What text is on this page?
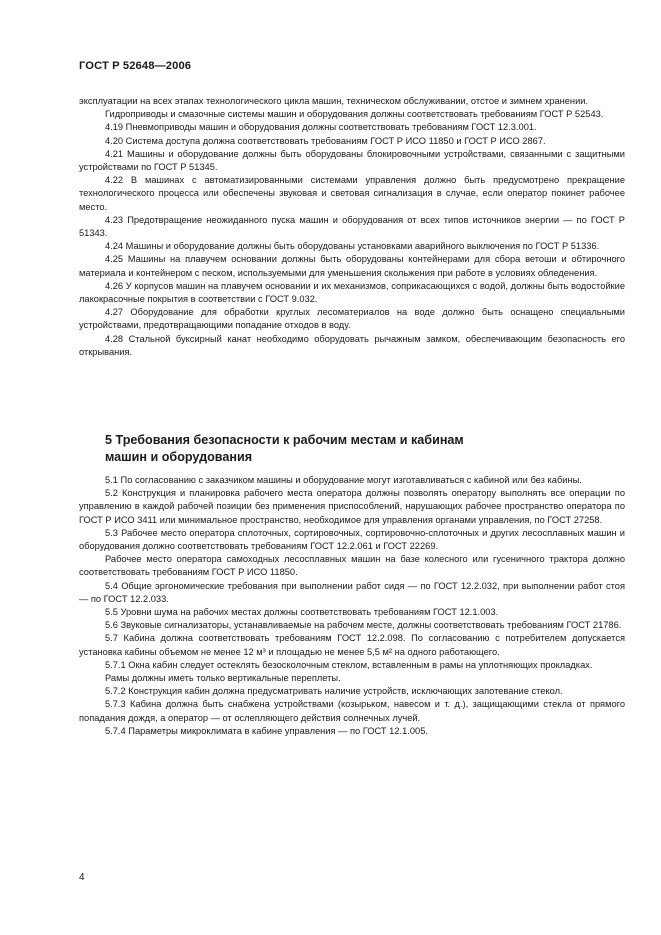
ГОСТ Р 52648—2006

эксплуатации на всех этапах технологического цикла машин, техническом обслуживании, отстое и зимнем хранении.

Гидроприводы и смазочные системы машин и оборудования должны соответствовать требованиям ГОСТ Р 52543.

4.19 Пневмоприводы машин и оборудования должны соответствовать требованиям ГОСТ 12.3.001.

4.20 Система доступа должна соответствовать требованиям ГОСТ Р ИСО 11850 и ГОСТ Р ИСО 2867.

4.21 Машины и оборудование должны быть оборудованы блокировочными устройствами, связанными с защитными устройствами по ГОСТ Р 51345.

4.22 В машинах с автоматизированными системами управления должно быть предусмотрено прекращение технологического процесса или обеспечены звуковая и световая сигнализация в случае, если оператор покинет рабочее место.

4.23 Предотвращение неожиданного пуска машин и оборудования от всех типов источников энергии — по ГОСТ Р 51343.

4.24 Машины и оборудование должны быть оборудованы установками аварийного выключения по ГОСТ Р 51336.

4.25 Машины на плавучем основании должны быть оборудованы контейнерами для сбора ветоши и обтирочного материала и контейнером с песком, используемыми для уменьшения скольжения при работе в условиях обледенения.

4.26 У корпусов машин на плавучем основании и их механизмов, соприкасающихся с водой, должны быть водостойкие лакокрасочные покрытия в соответствии с ГОСТ 9.032.

4.27 Оборудование для обработки круглых лесоматериалов на воде должно быть оснащено специальными устройствами, предотвращающими попадание отходов в воду.

4.28 Стальной буксирный канат необходимо оборудовать рычажным замком, обеспечивающим безопасность его открывания.

5 Требования безопасности к рабочим местам и кабинам
машин и оборудования

5.1 По согласованию с заказчиком машины и оборудование могут изготавливаться с кабиной или без кабины.

5.2 Конструкция и планировка рабочего места оператора должны позволять оператору выполнять все операции по управлению в каждой рабочей позиции без применения приспособлений, нарушающих рабочее пространство оператора по ГОСТ Р ИСО 3411 или минимальное пространство, необходимое для управления органами управления, по ГОСТ 27258.

5.3 Рабочее место оператора сплоточных, сортировочных, сортировочно-сплоточных и других лесосплавных машин и оборудования должно соответствовать требованиям ГОСТ 12.2.061 и ГОСТ 22269.

Рабочее место оператора самоходных лесосплавных машин на базе колесного или гусеничного трактора должно соответствовать требованиям ГОСТ Р ИСО 11850.

5.4 Общие эргономические требования при выполнении работ сидя — по ГОСТ 12.2.032, при выполнении работ стоя — по ГОСТ 12.2.033.

5.5 Уровни шума на рабочих местах должны соответствовать требованиям ГОСТ 12.1.003.

5.6 Звуковые сигнализаторы, устанавливаемые на рабочем месте, должны соответствовать требованиям ГОСТ 21786.

5.7 Кабина должна соответствовать требованиям ГОСТ 12.2.098. По согласованию с потребителем допускается установка кабины объемом не менее 12 м³ и площадью не менее 5,5 м² на одного работающего.

5.7.1 Окна кабин следует остеклять безосколочным стеклом, вставленным в рамы на уплотняющих прокладках.

Рамы должны иметь только вертикальные переплеты.

5.7.2 Конструкция кабин должна предусматривать наличие устройств, исключающих запотевание стекол.

5.7.3 Кабина должна быть снабжена устройствами (козырьком, навесом и т. д.), защищающими стекла от прямого попадания дождя, а оператор — от ослепляющего действия солнечных лучей.

5.7.4 Параметры микроклимата в кабине управления — по ГОСТ 12.1.005.

4
